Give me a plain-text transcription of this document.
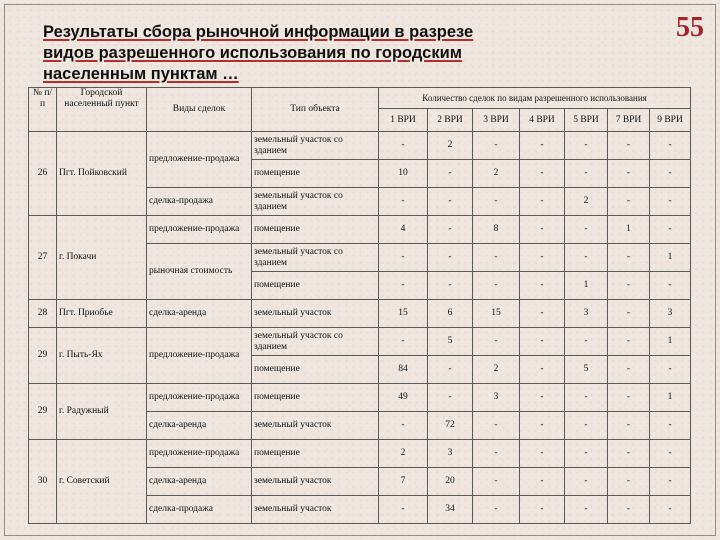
Результаты сбора рыночной информации в разрезе
видов разрешенного использования по городским
населенным пунктам …
55
№ п/п	Городской населенный пункт	Виды сделок	Тип объекта	Количество сделок по видам разрешенного использования						
				1 ВРИ	2 ВРИ	3 ВРИ	4 ВРИ	5 ВРИ	7 ВРИ	9 ВРИ
26	Пгт. Пойковский	предложение-продажа	земельный участок со зданием	-	2	-	-	-	-	-
			помещение	10	-	2	-	-	-	-
		сделка-продажа	земельный участок со зданием	-	-	-	-	2	-	-
27	г. Покачи	предложение-продажа	помещение	4	-	8	-	-	1	-
		рыночная стоимость	земельный участок со зданием	-	-	-	-	-	-	1
			помещение	-	-	-	-	1	-	-
28	Пгт. Приобье	сделка-аренда	земельный участок	15	6	15	-	3	-	3
29	г. Пыть-Ях	предложение-продажа	земельный участок со зданием	-	5	-	-	-	-	1
			помещение	84	-	2	-	5	-	-
29	г. Радужный	предложение-продажа	помещение	49	-	3	-	-	-	1
		сделка-аренда	земельный участок	-	72	-	-	-	-	-
30	г. Советский	предложение-продажа	помещение	2	3	-	-	-	-	-
		сделка-аренда	земельный участок	7	20	-	-	-	-	-
		сделка-продажа	земельный участок	-	34	-	-	-	-	-
